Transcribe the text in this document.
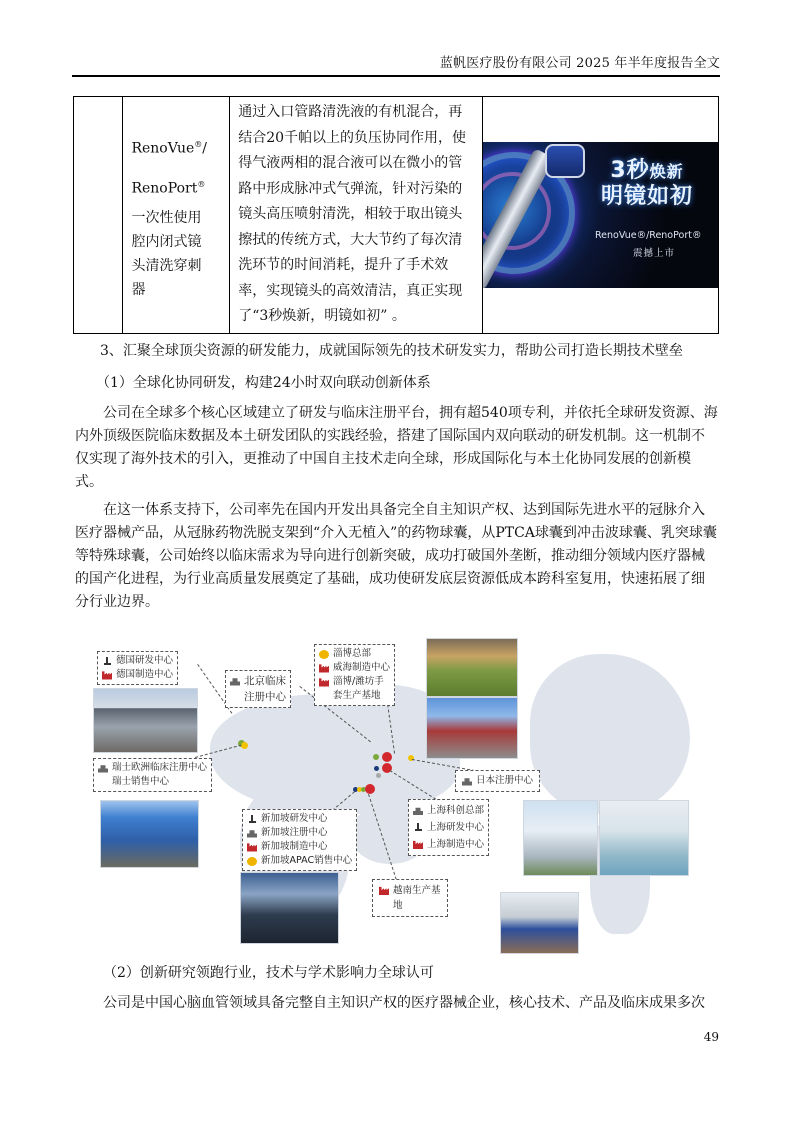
蓝帆医疗股份有限公司 2025 年半年度报告全文

RenoVue®/
RenoPort®
一次性使用
腔内闭式镜
头清洗穿刺
器

通过入口管路清洗液的有机混合，再
结合20千帕以上的负压协同作用，使
得气液两相的混合液可以在微小的管
路中形成脉冲式气弹流，针对污染的
镜头高压喷射清洗，相较于取出镜头
擦拭的传统方式，大大节约了每次清
洗环节的时间消耗，提升了手术效
率，实现镜头的高效清洁，真正实现
了“3秒焕新，明镜如初” 。

3秒焕新
明镜如初
RenoVue®/RenoPort®
震撼上市
3、汇聚全球顶尖资源的研发能力，成就国际领先的技术研发实力，帮助公司打造长期技术壁垒
（1）全球化协同研发，构建24小时双向联动创新体系
公司在全球多个核心区域建立了研发与临床注册平台，拥有超540项专利，并依托全球研发资源、海
内外顶级医院临床数据及本土研发团队的实践经验，搭建了国际国内双向联动的研发机制。这一机制不
仅实现了海外技术的引入，更推动了中国自主技术走向全球，形成国际化与本土化协同发展的创新模
式。
在这一体系支持下，公司率先在国内开发出具备完全自主知识产权、达到国际先进水平的冠脉介入
医疗器械产品，从冠脉药物洗脱支架到“介入无植入”的药物球囊，从PTCA球囊到冲击波球囊、乳突球囊
等特殊球囊，公司始终以临床需求为导向进行创新突破，成功打破国外垄断，推动细分领域内医疗器械
的国产化进程，为行业高质量发展奠定了基础，成功使研发底层资源低成本跨科室复用，快速拓展了细
分行业边界。
德国研发中心
德国制造中心
北京临床
注册中心
淄博总部
威海制造中心
淄博/潍坊手
套生产基地
瑞士欧洲临床注册中心
瑞士销售中心	日本注册中心
上海科创总部
上海研发中心
上海制造中心
新加坡研发中心
新加坡注册中心
新加坡制造中心
新加坡APAC销售中心
越南生产基
地
（2）创新研究领跑行业，技术与学术影响力全球认可
公司是中国心脑血管领域具备完整自主知识产权的医疗器械企业，核心技术、产品及临床成果多次
49
